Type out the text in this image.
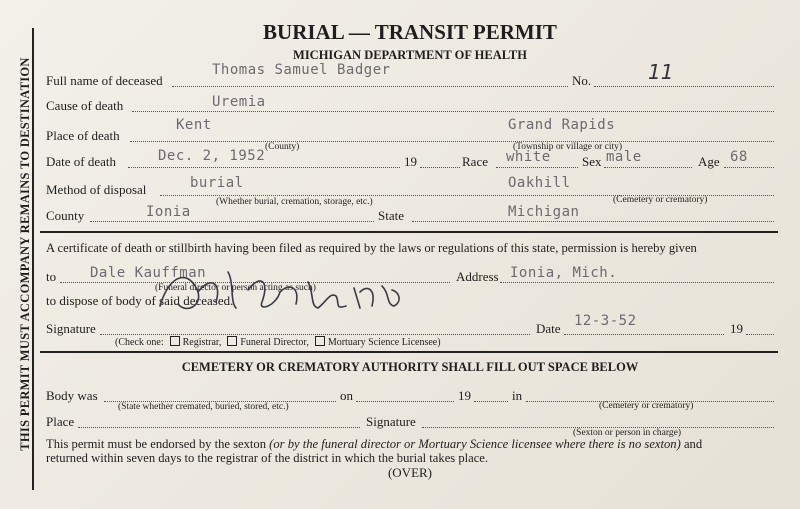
THIS PERMIT MUST ACCOMPANY REMAINS TO DESTINATION
BURIAL — TRANSIT PERMIT
MICHIGAN DEPARTMENT OF HEALTH
Full name of deceased
Thomas Samuel Badger
No.	11
Cause of death	Uremia
Place of death
Kent	Grand Rapids
(County)	(Township or village or city)
Date of death	Dec. 2, 1952	19	Race white Sex male	Age 68
Method of disposal	burial	Oakhill
(Whether burial, cremation, storage, etc.)	(Cemetery or crematory)
County	Ionia	State	Michigan
A certificate of death or stillbirth having been filed as required by the laws or regulations of this state, permission is hereby given
to Dale Kauffman
(Funeral director or person acting as such)
Address Ionia, Mich.
to dispose of body of said deceased.
Signature
(Check one: Registrar, Funeral Director, Mortuary Science Licensee)
Date 12-3-52	19
CEMETERY OR CREMATORY AUTHORITY SHALL FILL OUT SPACE BELOW
Body was
(State whether cremated, buried, stored, etc.)
on	19	in
(Cemetery or crematory)
Place	Signature
(Sexton or person in charge)
This permit must be endorsed by the sexton (or by the funeral director or Mortuary Science licensee where there is no sexton) and
returned within seven days to the registrar of the district in which the burial takes place.
(OVER)
